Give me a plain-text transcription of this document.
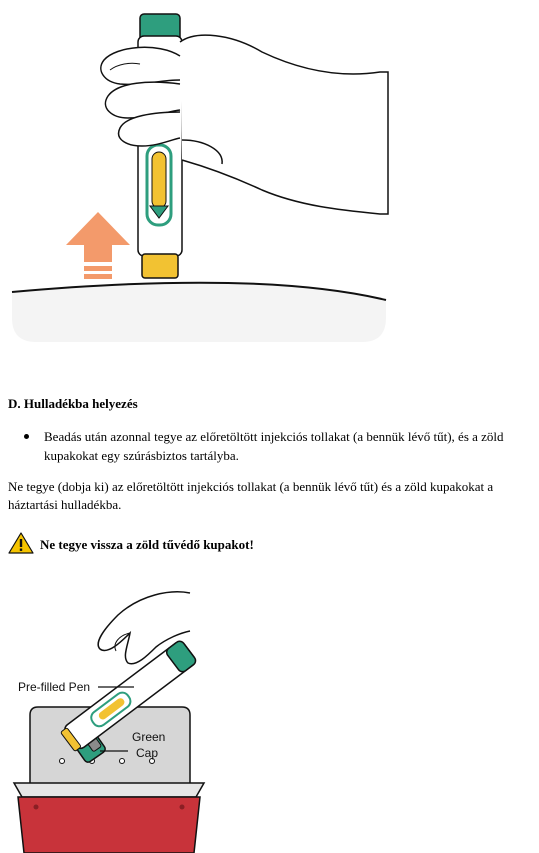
D. Hulladékba helyezés

Beadás után azonnal tegye az előretöltött injekciós tollakat (a bennük lévő tűt), és a zöld kupakokat egy szúrásbiztos tartályba.

Ne tegye (dobja ki) az előretöltött injekciós tollakat (a bennük lévő tűt) és a zöld kupakokat a háztartási hulladékba.

Ne tegye vissza a zöld tűvédő kupakot!
Pre-filled Pen
Green
Cap
